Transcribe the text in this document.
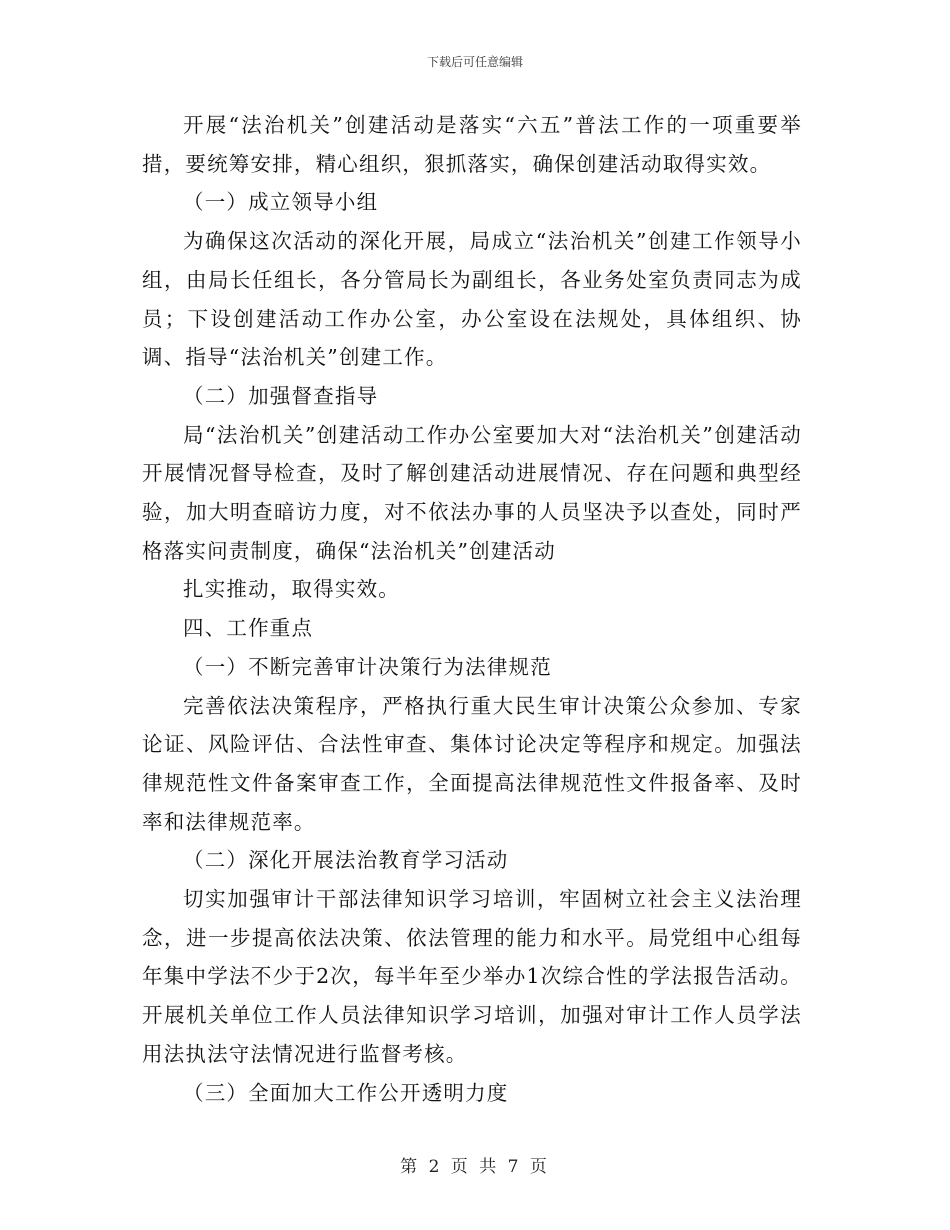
下载后可任意编辑

开展“法治机关”创建活动是落实“六五”普法工作的一项重要举措，要统筹安排，精心组织，狠抓落实，确保创建活动取得实效。

（一）成立领导小组

为确保这次活动的深化开展，局成立“法治机关”创建工作领导小组，由局长任组长，各分管局长为副组长，各业务处室负责同志为成员；下设创建活动工作办公室，办公室设在法规处，具体组织、协调、指导“法治机关”创建工作。

（二）加强督查指导

局“法治机关”创建活动工作办公室要加大对“法治机关”创建活动开展情况督导检查，及时了解创建活动进展情况、存在问题和典型经验，加大明查暗访力度，对不依法办事的人员坚决予以查处，同时严格落实问责制度，确保“法治机关”创建活动

扎实推动，取得实效。

四、工作重点

（一）不断完善审计决策行为法律规范

完善依法决策程序，严格执行重大民生审计决策公众参加、专家论证、风险评估、合法性审查、集体讨论决定等程序和规定。加强法律规范性文件备案审查工作，全面提高法律规范性文件报备率、及时率和法律规范率。

（二）深化开展法治教育学习活动

切实加强审计干部法律知识学习培训，牢固树立社会主义法治理念，进一步提高依法决策、依法管理的能力和水平。局党组中心组每年集中学法不少于2次，每半年至少举办1次综合性的学法报告活动。开展机关单位工作人员法律知识学习培训，加强对审计工作人员学法用法执法守法情况进行监督考核。

（三）全面加大工作公开透明力度

第 2 页 共 7 页
